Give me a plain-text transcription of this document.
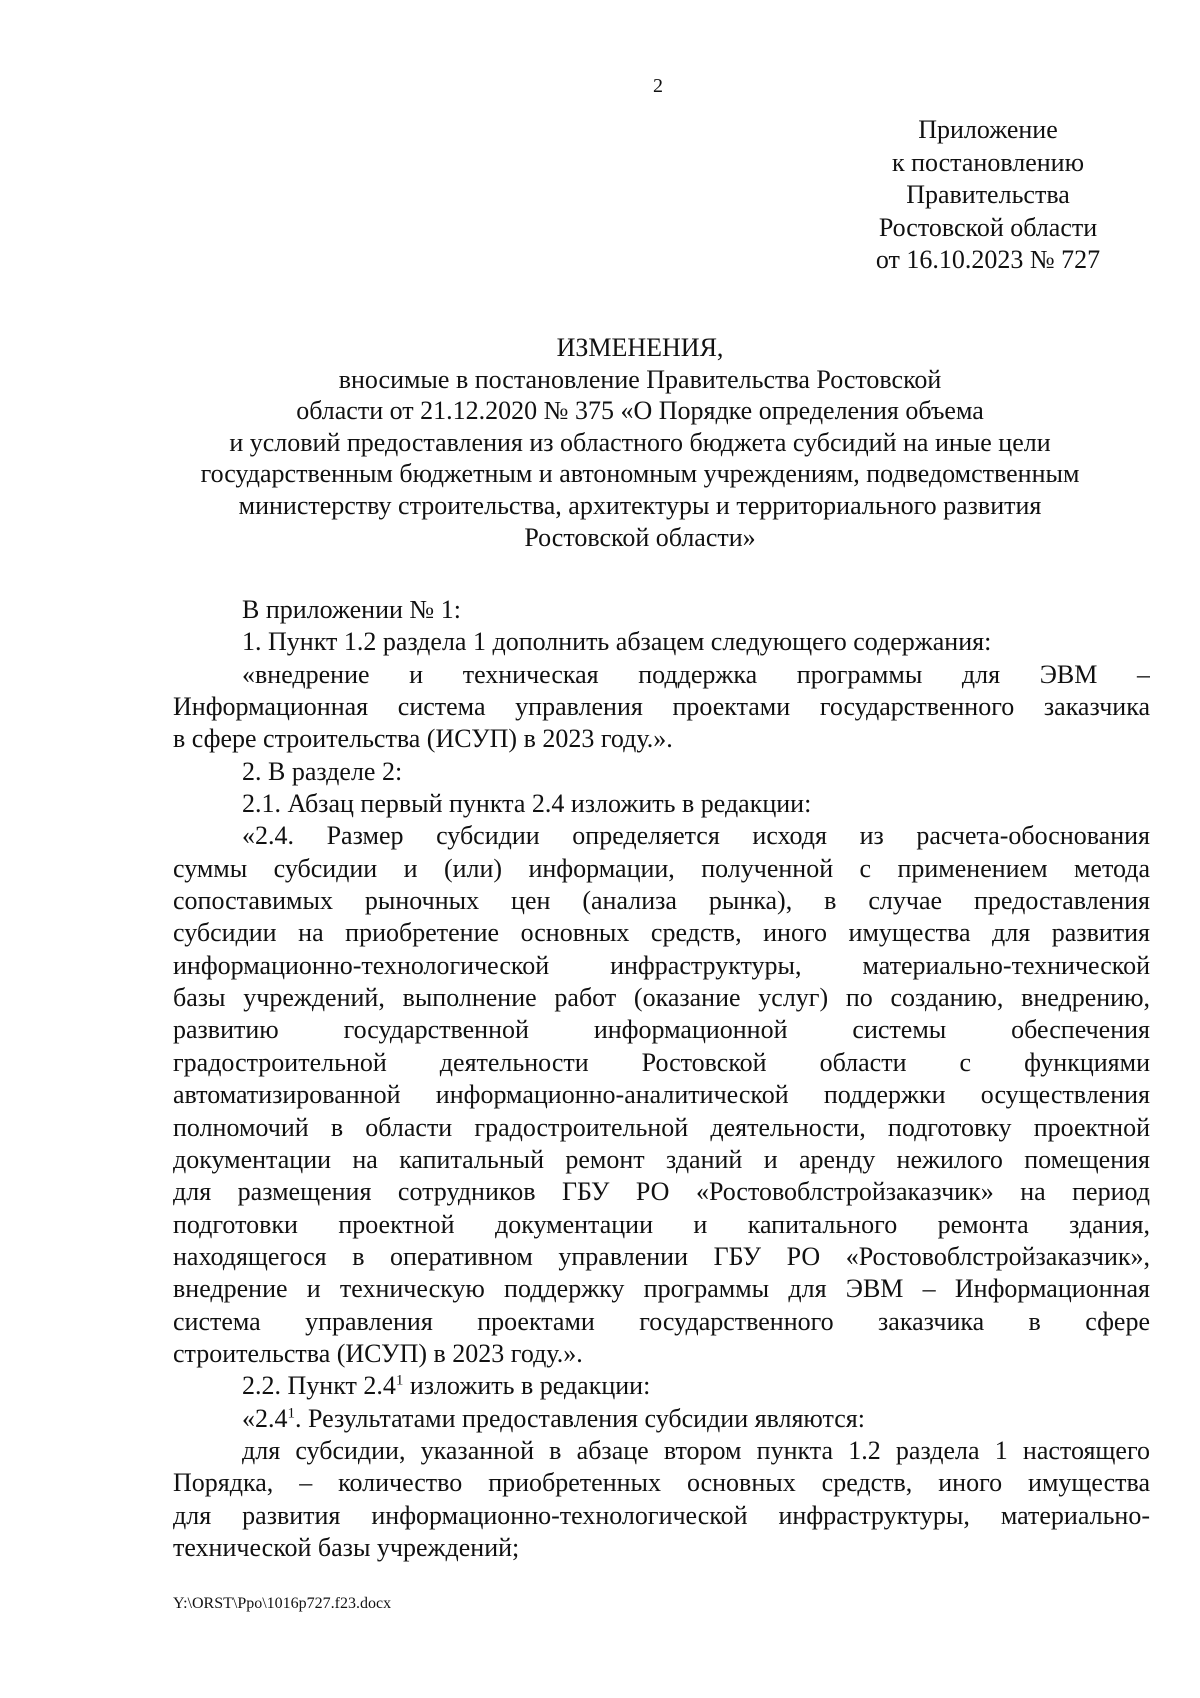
2
Приложение
к постановлению
Правительства
Ростовской области
от 16.10.2023 № 727
ИЗМЕНЕНИЯ,
вносимые в постановление Правительства Ростовской
области от 21.12.2020 № 375 «О Порядке определения объема
и условий предоставления из областного бюджета субсидий на иные цели
государственным бюджетным и автономным учреждениям, подведомственным
министерству строительства, архитектуры и территориального развития
Ростовской области»
В приложении № 1:
1. Пункт 1.2 раздела 1 дополнить абзацем следующего содержания:
«внедрение и техническая поддержка программы для ЭВМ –
Информационная система управления проектами государственного заказчика
в сфере строительства (ИСУП) в 2023 году.».
2. В разделе 2:
2.1. Абзац первый пункта 2.4 изложить в редакции:
«2.4. Размер субсидии определяется исходя из расчета-обоснования
суммы субсидии и (или) информации, полученной с применением метода
сопоставимых рыночных цен (анализа рынка), в случае предоставления
субсидии на приобретение основных средств, иного имущества для развития
информационно-технологической инфраструктуры, материально-технической
базы учреждений, выполнение работ (оказание услуг) по созданию, внедрению,
развитию государственной информационной системы обеспечения
градостроительной деятельности Ростовской области с функциями
автоматизированной информационно-аналитической поддержки осуществления
полномочий в области градостроительной деятельности, подготовку проектной
документации на капитальный ремонт зданий и аренду нежилого помещения
для размещения сотрудников ГБУ РО «Ростовоблстройзаказчик» на период
подготовки проектной документации и капитального ремонта здания,
находящегося в оперативном управлении ГБУ РО «Ростовоблстройзаказчик»,
внедрение и техническую поддержку программы для ЭВМ – Информационная
система управления проектами государственного заказчика в сфере
строительства (ИСУП) в 2023 году.».
2.2. Пункт $2.4^1$ изложить в редакции:
«$2.4^1$. Результатами предоставления субсидии являются:
для субсидии, указанной в абзаце втором пункта 1.2 раздела 1 настоящего
Порядка, – количество приобретенных основных средств, иного имущества
для развития информационно-технологической инфраструктуры, материально-
технической базы учреждений;
Y:\ORST\Ppo\1016p727.f23.docx
